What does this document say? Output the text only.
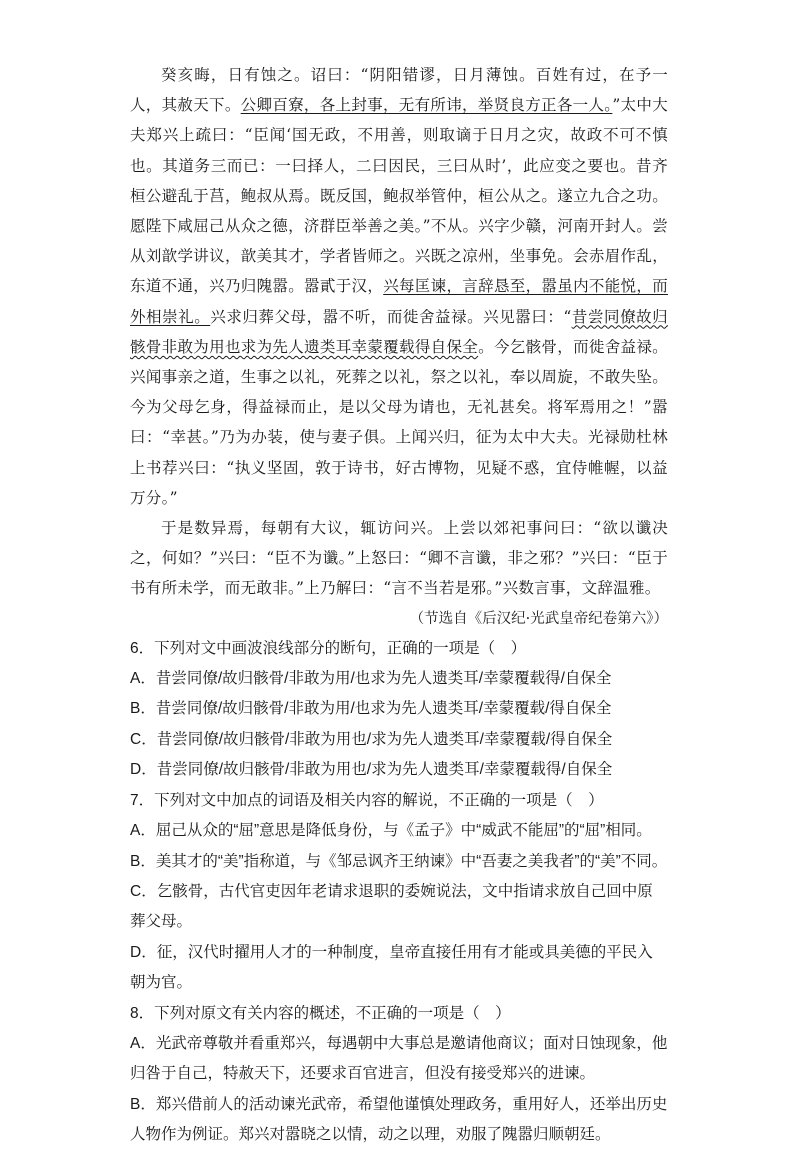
癸亥晦，日有蚀之。诏曰：“阴阳错谬，日月薄蚀。百姓有过，在予一人，其赦天下。公卿百寮，各上封事，无有所讳，举贤良方正各一人。”太中大夫郑兴上疏曰：“臣闻‘国无政，不用善，则取谪于日月之灾，故政不可不慎也。其道务三而已：一曰择人，二曰因民，三曰从时’，此应变之要也。昔齐桓公避乱于莒，鲍叔从焉。既反国，鲍叔举管仲，桓公从之。遂立九合之功。愿陛下咸屈己从众之德，济群臣举善之美。”不从。兴字少赣，河南开封人。尝从刘歆学讲议，歆美其才，学者皆师之。兴既之凉州，坐事免。会赤眉作乱，东道不通，兴乃归隗嚣。嚣貳于汉，兴每匡谏，言辞恳至，嚣虽内不能悦，而外相崇礼。兴求归葬父母，嚣不听，而徙舍益禄。兴见嚣曰：“昔尝同僚故归骸骨非敢为用也求为先人遗类耳幸蒙覆载得自保全。今乞骸骨，而徙舍益禄。兴闻事亲之道，生事之以礼，死葬之以礼，祭之以礼，奉以周旋，不敢失坠。今为父母乞身，得益禄而止，是以父母为请也，无礼甚矣。将军焉用之！”嚣曰：“幸甚。”乃为办装，使与妻子俱。上闻兴归，征为太中大夫。光禄勋杜林上书荐兴曰：“执义坚固，敦于诗书，好古博物，见疑不惑，宜侍帷幄，以益万分。”

于是数异焉，每朝有大议，辄访问兴。上尝以郊祀事问曰：“欲以谶决之，何如？”兴曰：“臣不为谶。”上怒曰：“卿不言谶，非之邪？”兴曰：“臣于书有所未学，而无敢非。”上乃解曰：“言不当若是邪。”兴数言事，文辞温雅。

（节选自《后汉纪·光武皇帝纪卷第六》）

6．下列对文中画波浪线部分的断句，正确的一项是（　）

A．昔尝同僚/故归骸骨/非敢为用/也求为先人遗类耳/幸蒙覆载得/自保全

B．昔尝同僚/故归骸骨/非敢为用/也求为先人遗类耳/幸蒙覆载/得自保全

C．昔尝同僚/故归骸骨/非敢为用也/求为先人遗类耳/幸蒙覆载/得自保全

D．昔尝同僚/故归骸骨/非敢为用也/求为先人遗类耳/幸蒙覆载得/自保全

7．下列对文中加点的词语及相关内容的解说，不正确的一项是（　）

A．屈己从众的“屈”意思是降低身份，与《孟子》中“威武不能屈”的“屈”相同。

B．美其才的“美”指称道，与《邹忌讽齐王纳谏》中“吾妻之美我者”的“美”不同。

C．乞骸骨，古代官吏因年老请求退职的委婉说法，文中指请求放自己回中原葬父母。

D．征，汉代时擢用人才的一种制度，皇帝直接任用有才能或具美德的平民入朝为官。

8．下列对原文有关内容的概述，不正确的一项是（　）

A．光武帝尊敬并看重郑兴，每遇朝中大事总是邀请他商议；面对日蚀现象，他归咎于自己，特赦天下，还要求百官进言，但没有接受郑兴的进谏。

B．郑兴借前人的活动谏光武帝，希望他谨慎处理政务，重用好人，还举出历史人物作为例证。郑兴对嚣晓之以情，动之以理，劝服了隗嚣归顺朝廷。
